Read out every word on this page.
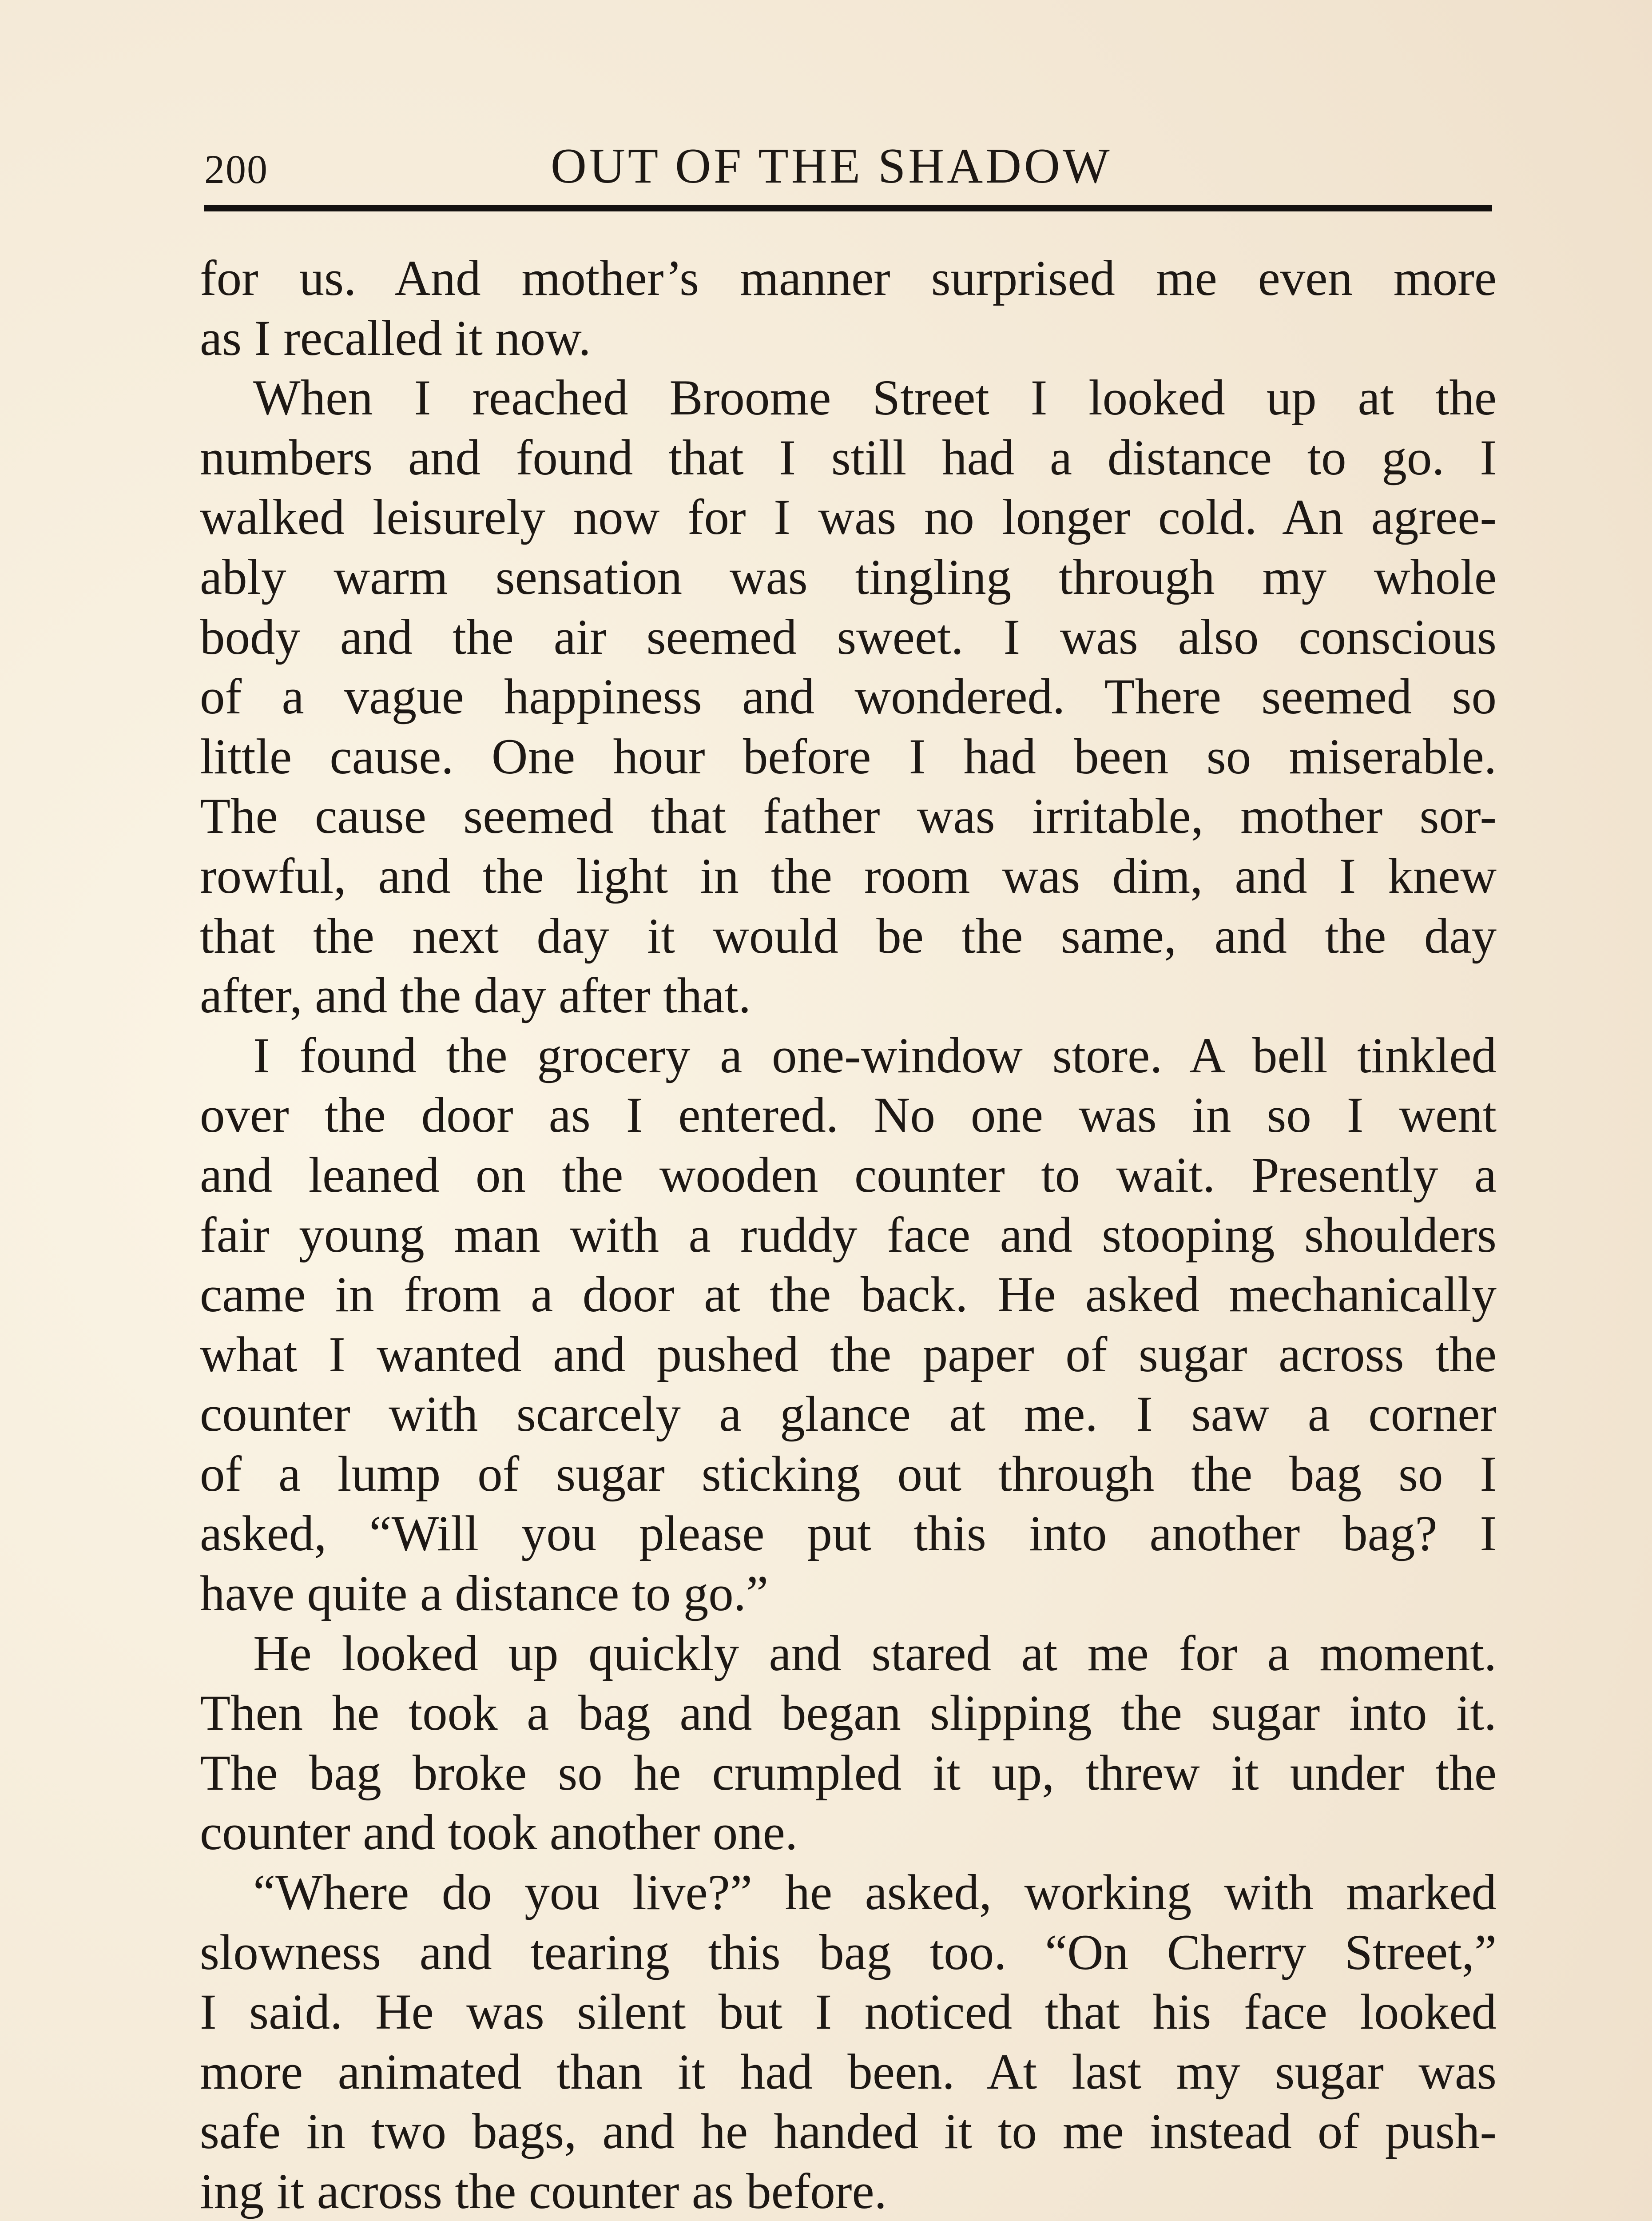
200	OUT OF THE SHADOW
for us. And mother’s manner surprised me even more
as I recalled it now.
When I reached Broome Street I looked up at the
numbers and found that I still had a distance to go. I
walked leisurely now for I was no longer cold. An agree-
ably warm sensation was tingling through my whole
body and the air seemed sweet. I was also conscious
of a vague happiness and wondered. There seemed so
little cause. One hour before I had been so miserable.
The cause seemed that father was irritable, mother sor-
rowful, and the light in the room was dim, and I knew
that the next day it would be the same, and the day
after, and the day after that.
I found the grocery a one-window store. A bell tinkled
over the door as I entered. No one was in so I went
and leaned on the wooden counter to wait. Presently a
fair young man with a ruddy face and stooping shoulders
came in from a door at the back. He asked mechanically
what I wanted and pushed the paper of sugar across the
counter with scarcely a glance at me. I saw a corner
of a lump of sugar sticking out through the bag so I
asked, “Will you please put this into another bag? I
have quite a distance to go.”
He looked up quickly and stared at me for a moment.
Then he took a bag and began slipping the sugar into it.
The bag broke so he crumpled it up, threw it under the
counter and took another one.
“Where do you live?” he asked, working with marked
slowness and tearing this bag too. “On Cherry Street,”
I said. He was silent but I noticed that his face looked
more animated than it had been. At last my sugar was
safe in two bags, and he handed it to me instead of push-
ing it across the counter as before.
